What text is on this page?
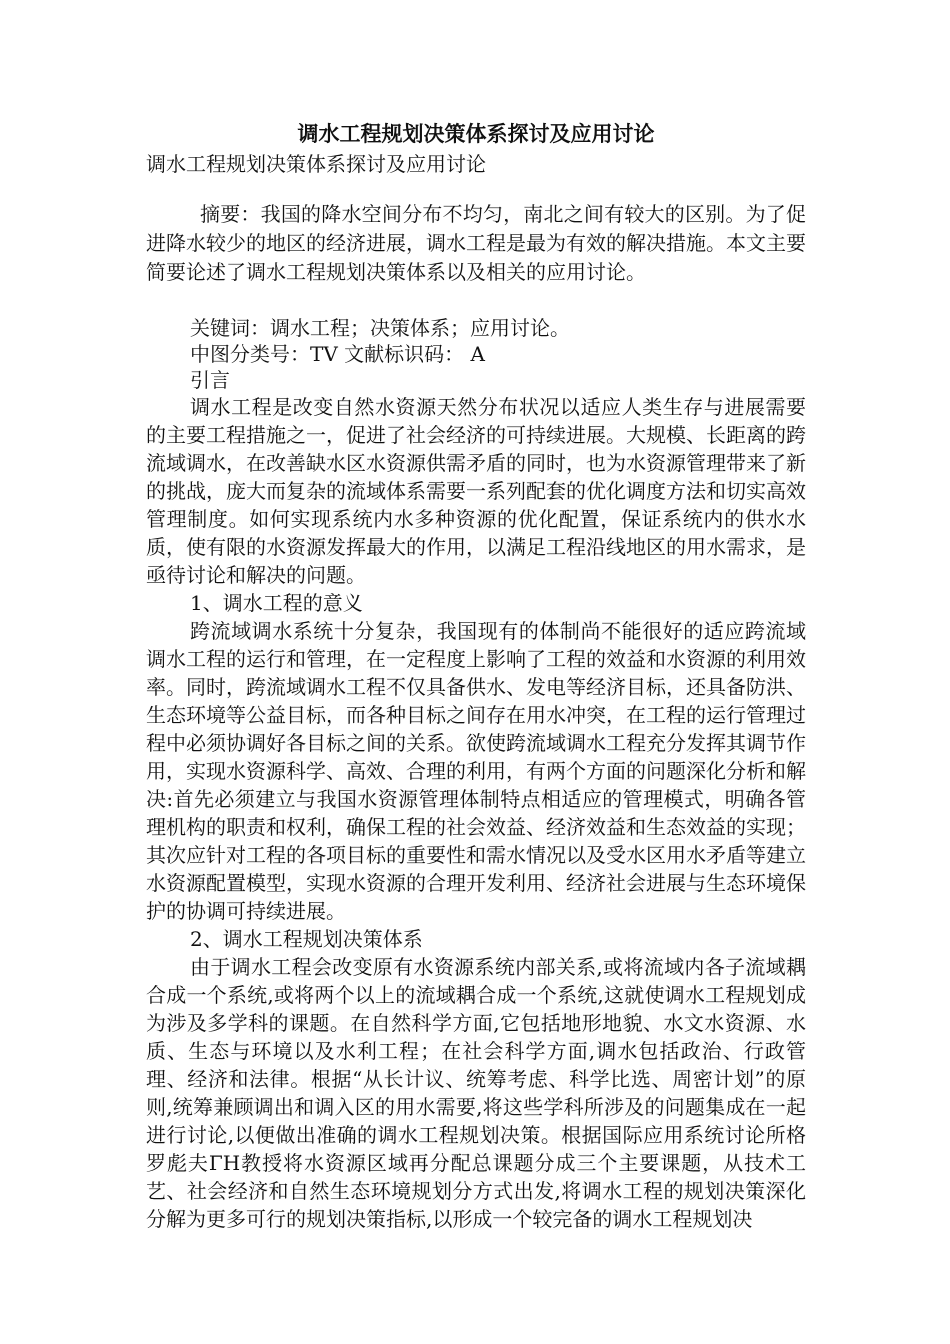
调水工程规划决策体系探讨及应用讨论

调水工程规划决策体系探讨及应用讨论

摘要：我国的降水空间分布不均匀，南北之间有较大的区别。为了促进降水较少的地区的经济进展，调水工程是最为有效的解决措施。本文主要简要论述了调水工程规划决策体系以及相关的应用讨论。

关键词：调水工程；决策体系；应用讨论。

中图分类号：TV 文献标识码： A

引言

调水工程是改变自然水资源天然分布状况以适应人类生存与进展需要的主要工程措施之一，促进了社会经济的可持续进展。大规模、长距离的跨流域调水，在改善缺水区水资源供需矛盾的同时，也为水资源管理带来了新的挑战，庞大而复杂的流域体系需要一系列配套的优化调度方法和切实高效管理制度。如何实现系统内水多种资源的优化配置，保证系统内的供水水质，使有限的水资源发挥最大的作用，以满足工程沿线地区的用水需求，是亟待讨论和解决的问题。

1、调水工程的意义

跨流域调水系统十分复杂，我国现有的体制尚不能很好的适应跨流域调水工程的运行和管理，在一定程度上影响了工程的效益和水资源的利用效率。同时，跨流域调水工程不仅具备供水、发电等经济目标，还具备防洪、生态环境等公益目标，而各种目标之间存在用水冲突，在工程的运行管理过程中必须协调好各目标之间的关系。欲使跨流域调水工程充分发挥其调节作用，实现水资源科学、高效、合理的利用，有两个方面的问题深化分析和解决:首先必须建立与我国水资源管理体制特点相适应的管理模式，明确各管理机构的职责和权利，确保工程的社会效益、经济效益和生态效益的实现；其次应针对工程的各项目标的重要性和需水情况以及受水区用水矛盾等建立水资源配置模型，实现水资源的合理开发利用、经济社会进展与生态环境保护的协调可持续进展。

2、调水工程规划决策体系

由于调水工程会改变原有水资源系统内部关系,或将流域内各子流域耦合成一个系统,或将两个以上的流域耦合成一个系统,这就使调水工程规划成为涉及多学科的课题。在自然科学方面,它包括地形地貌、水文水资源、水质、生态与环境以及水利工程；在社会科学方面,调水包括政治、行政管理、经济和法律。根据“从长计议、统筹考虑、科学比选、周密计划”的原则,统筹兼顾调出和调入区的用水需要,将这些学科所涉及的问题集成在一起进行讨论,以便做出准确的调水工程规划决策。根据国际应用系统讨论所格罗彪夫ΓH教授将水资源区域再分配总课题分成三个主要课题，从技术工艺、社会经济和自然生态环境规划分方式出发,将调水工程的规划决策深化分解为更多可行的规划决策指标,以形成一个较完备的调水工程规划决
